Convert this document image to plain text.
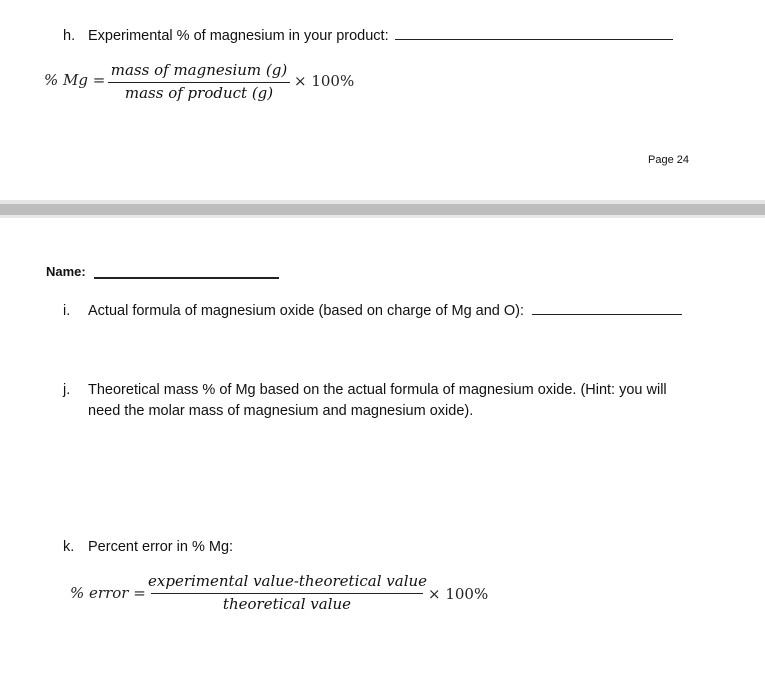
h. Experimental % of magnesium in your product:
% Mg =
mass of magnesium (g)
mass of product (g)
× 100%
Page 24
Name:
i. Actual formula of magnesium oxide (based on charge of Mg and O):
j. Theoretical mass % of Mg based on the actual formula of magnesium oxide. (Hint: you will
need the molar mass of magnesium and magnesium oxide).
k. Percent error in % Mg:
% error =
experimental value-theoretical value
theoretical value
× 100%
